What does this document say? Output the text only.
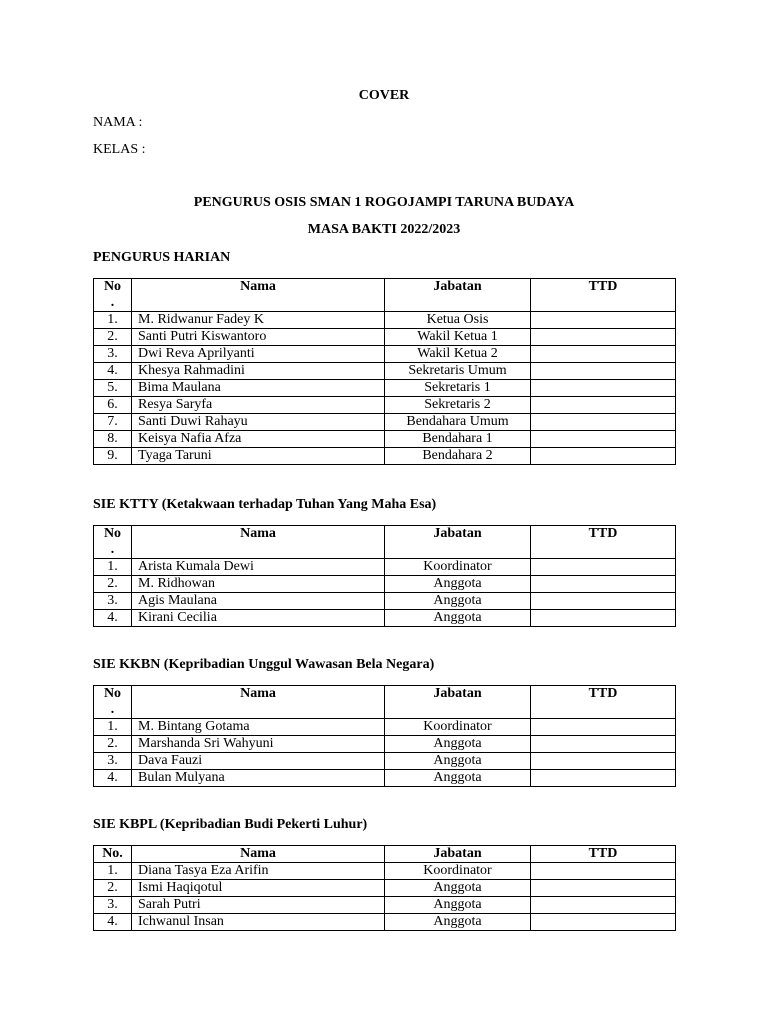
COVER
NAMA :
KELAS :
PENGURUS OSIS SMAN 1 ROGOJAMPI TARUNA BUDAYA
MASA BAKTI 2022/2023
PENGURUS HARIAN
No
.	Nama	Jabatan	TTD
1.	M. Ridwanur Fadey K	Ketua Osis	
2.	Santi Putri Kiswantoro	Wakil Ketua 1	
3.	Dwi Reva Aprilyanti	Wakil Ketua 2	
4.	Khesya Rahmadini	Sekretaris Umum	
5.	Bima Maulana	Sekretaris 1	
6.	Resya Saryfa	Sekretaris 2	
7.	Santi Duwi Rahayu	Bendahara Umum	
8.	Keisya Nafia Afza	Bendahara 1	
9.	Tyaga Taruni	Bendahara 2	
SIE KTTY (Ketakwaan terhadap Tuhan Yang Maha Esa)
No
.	Nama	Jabatan	TTD
1.	Arista Kumala Dewi	Koordinator	
2.	M. Ridhowan	Anggota	
3.	Agis Maulana	Anggota	
4.	Kirani Cecilia	Anggota	
SIE KKBN (Kepribadian Unggul Wawasan Bela Negara)
No
.	Nama	Jabatan	TTD
1.	M. Bintang Gotama	Koordinator	
2.	Marshanda Sri Wahyuni	Anggota	
3.	Dava Fauzi	Anggota	
4.	Bulan Mulyana	Anggota	
SIE KBPL (Kepribadian Budi Pekerti Luhur)
No.	Nama	Jabatan	TTD
1.	Diana Tasya Eza Arifin	Koordinator	
2.	Ismi Haqiqotul	Anggota	
3.	Sarah Putri	Anggota	
4.	Ichwanul Insan	Anggota	
